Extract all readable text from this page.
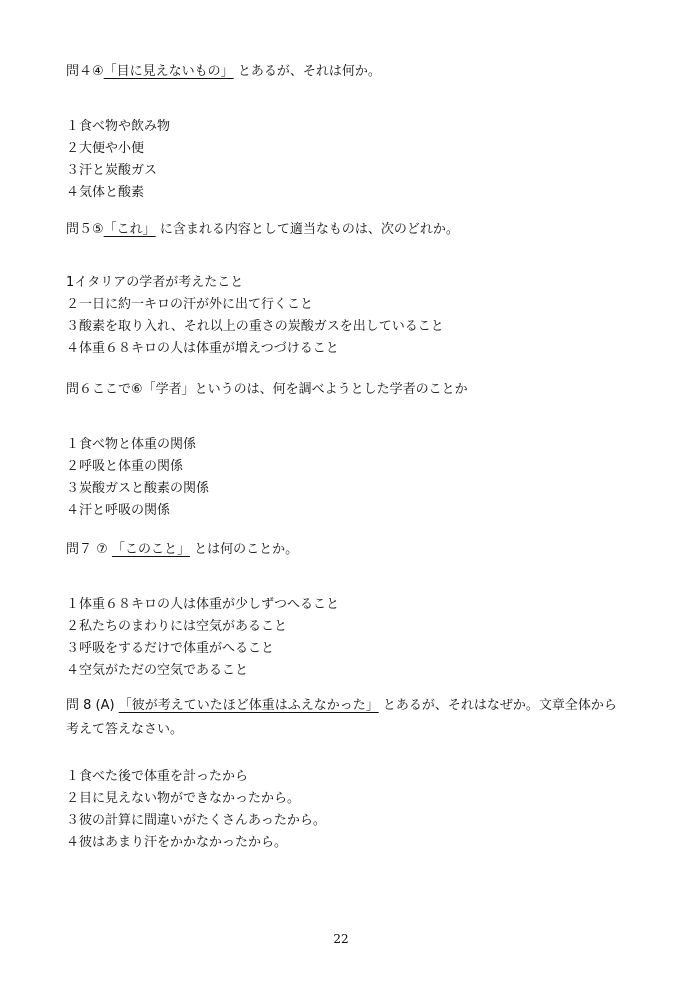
問４④「目に見えないもの」 とあるが、それは何か。
１食べ物や飲み物
２大便や小便
３汗と炭酸ガス
４気体と酸素
問５⑤「これ」 に含まれる内容として適当なものは、次のどれか。
1イタリアの学者が考えたこと
２一日に約一キロの汗が外に出て行くこと
３酸素を取り入れ、それ以上の重さの炭酸ガスを出していること
４体重６８キロの人は体重が増えつづけること
問６ここで⑥「学者」というのは、何を調べようとした学者のことか
１食べ物と体重の関係
２呼吸と体重の関係
３炭酸ガスと酸素の関係
４汗と呼吸の関係
問７ ⑦ 「このこと」 とは何のことか。
１体重６８キロの人は体重が少しずつへること
２私たちのまわりには空気があること
３呼吸をするだけで体重がへること
４空気がただの空気であること
問 8 (A) 「彼が考えていたほど体重はふえなかった」 とあるが、それはなぜか。文章全体から考えて答えなさい。
１食べた後で体重を計ったから
２目に見えない物ができなかったから。
３彼の計算に間違いがたくさんあったから。
４彼はあまり汗をかかなかったから。
22
